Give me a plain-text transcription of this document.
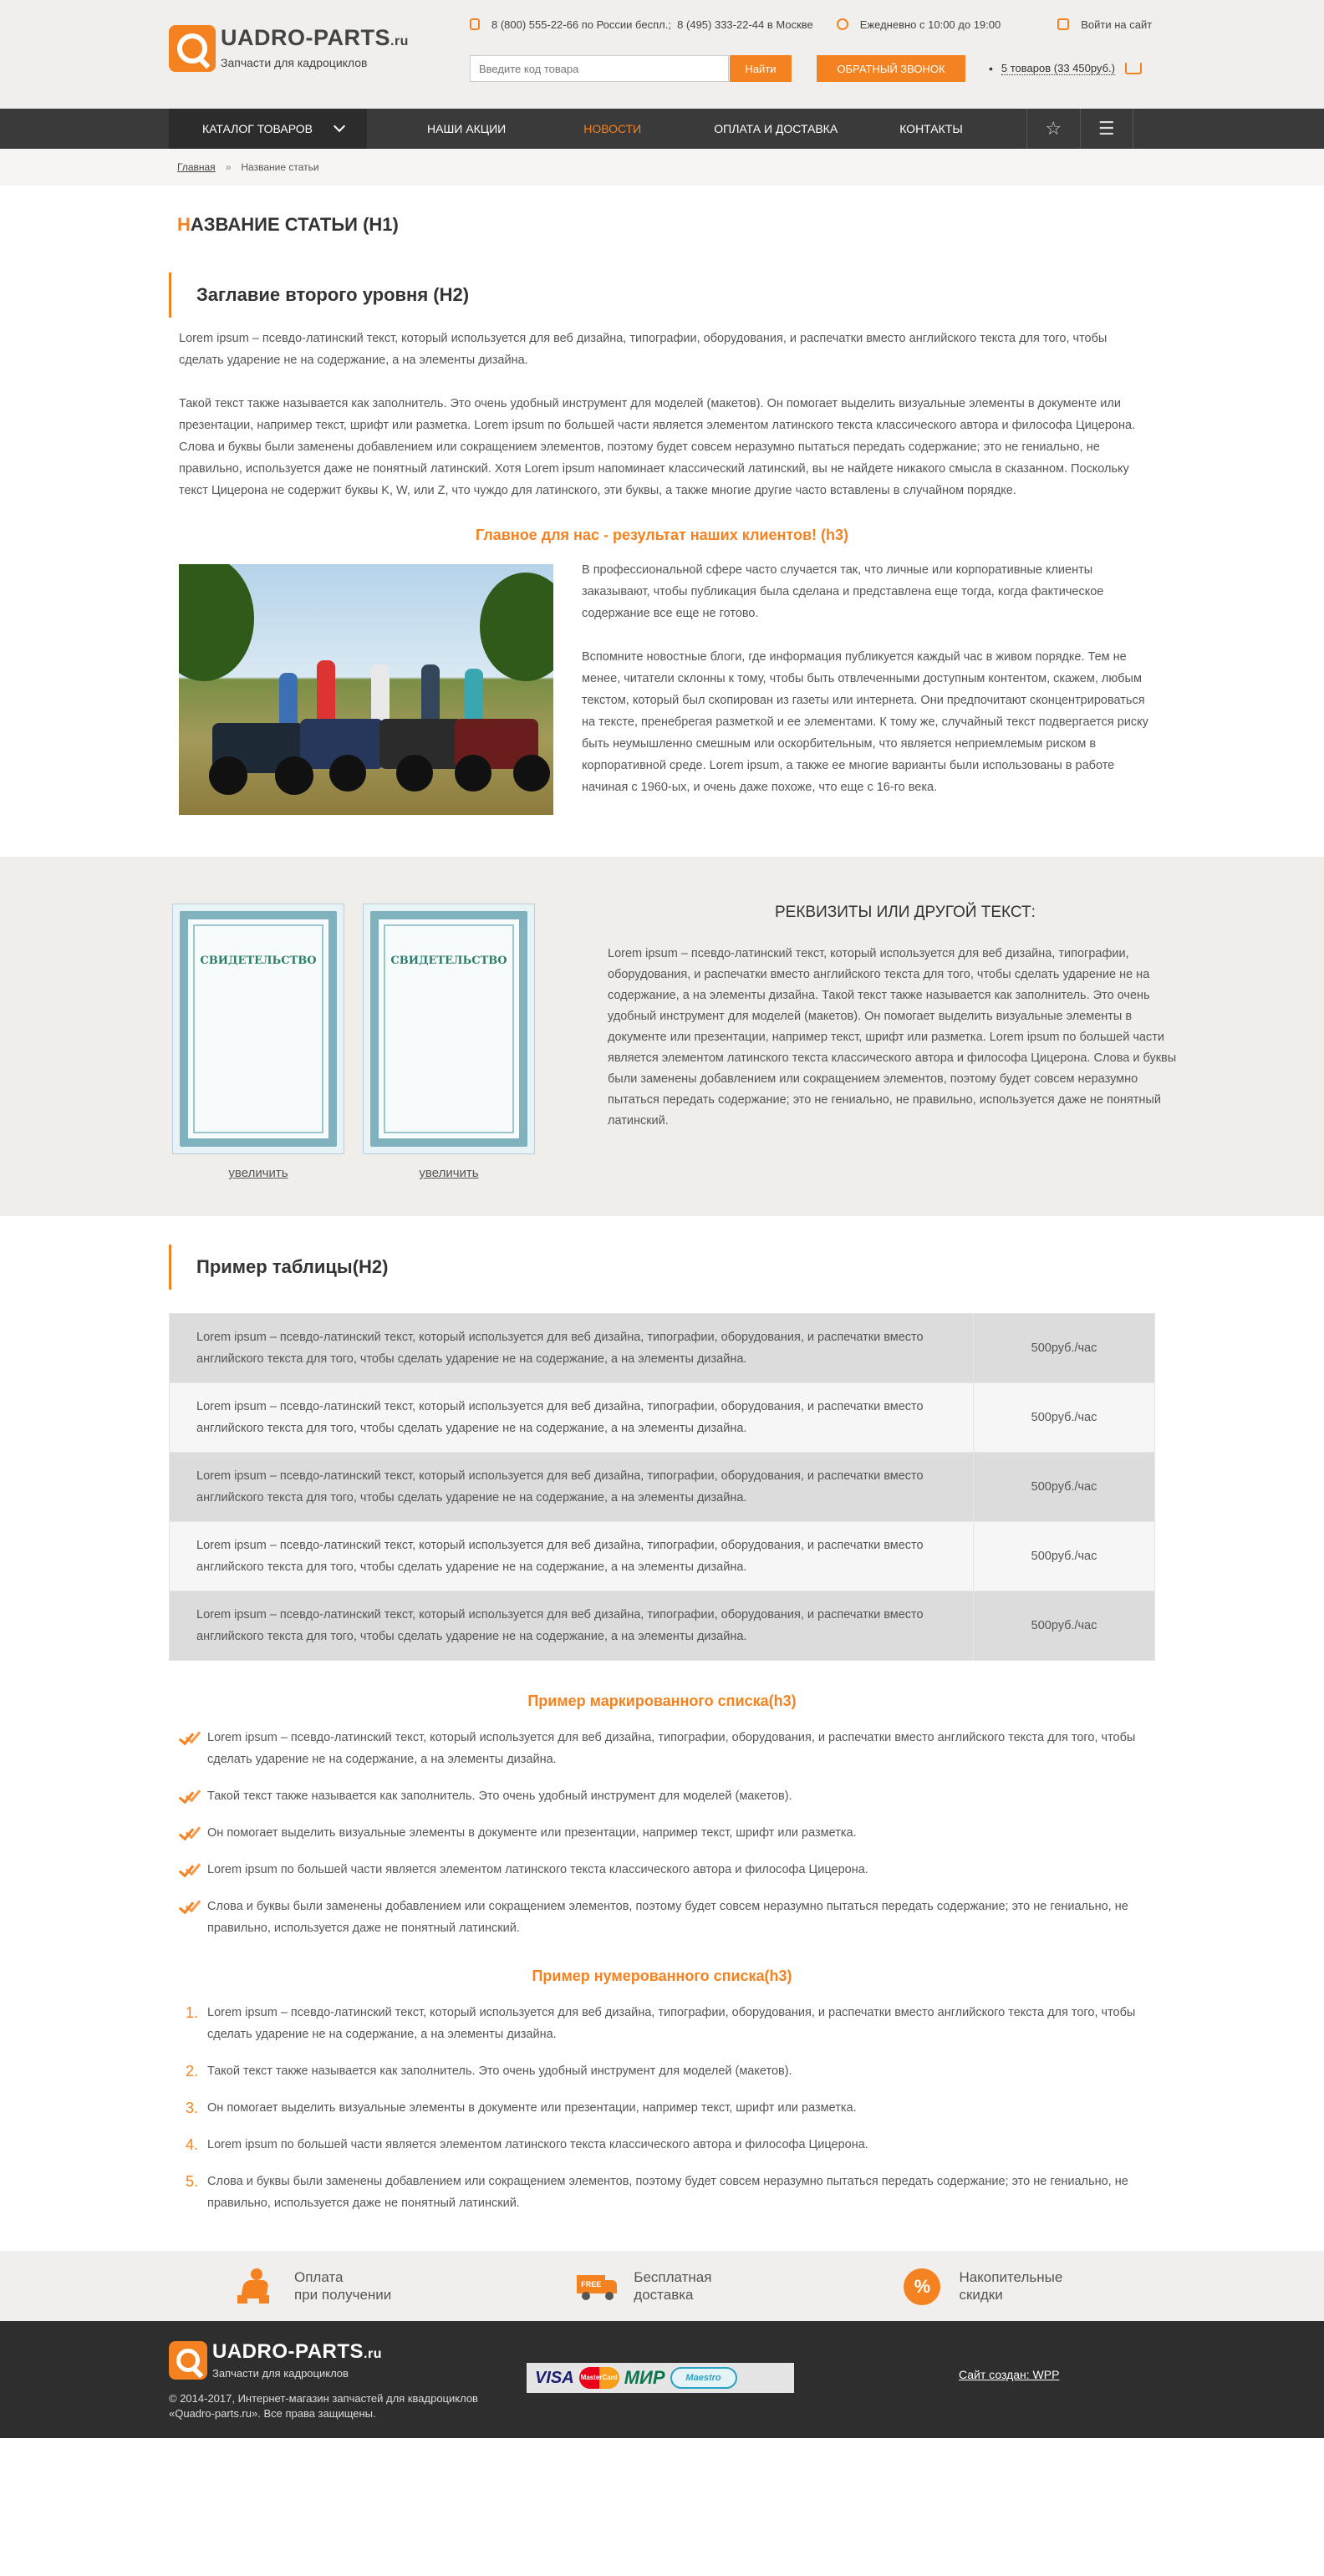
UADRO-PARTS.ru
Запчасти для кадроциклов
8 (800) 555-22-66
по России беспл.;
8 (495) 333-22-44
в Москве	Ежедневно с 10:00 до 19:00	Войти на сайт
Введите код товара
Найти	ОБРАТНЫЙ ЗВОНОК	• 5 товаров (33 450руб.)
КАТАЛОГ ТОВАРОВ	НАШИ АКЦИИ	НОВОСТИ	ОПЛАТА И ДОСТАВКА	КОНТАКТЫ	☆	☰
Главная » Название статьи
НАЗВАНИЕ СТАТЬИ (H1)
Заглавие второго уровня (H2)

Lorem ipsum – псевдо-латинский текст, который используется для веб дизайна, типографии, оборудования, и распечатки вместо английского текста для того, чтобы сделать ударение не на содержание, а на элементы дизайна.

Такой текст также называется как заполнитель. Это очень удобный инструмент для моделей (макетов). Он помогает выделить визуальные элементы в документе или презентации, например текст, шрифт или разметка. Lorem ipsum по большей части является элементом латинского текста классического автора и философа Цицерона. Слова и буквы были заменены добавлением или сокращением элементов, поэтому будет совсем неразумно пытаться передать содержание; это не гениально, не правильно, используется даже не понятный латинский. Хотя Lorem ipsum напоминает классический латинский, вы не найдете никакого смысла в сказанном. Поскольку текст Цицерона не содержит буквы K, W, или Z, что чуждо для латинского, эти буквы, а также многие другие часто вставлены в случайном порядке.

Главное для нас - результат наших клиентов! (h3)

В профессиональной сфере часто случается так, что личные или корпоративные клиенты заказывают, чтобы публикация была сделана и представлена еще тогда, когда фактическое содержание все еще не готово.

Вспомните новостные блоги, где информация публикуется каждый час в живом порядке. Тем не менее, читатели склонны к тому, чтобы быть отвлеченными доступным контентом, скажем, любым текстом, который был скопирован из газеты или интернета. Они предпочитают сконцентрироваться на тексте, пренебрегая разметкой и ее элементами. К тому же, случайный текст подвергается риску быть неумышленно смешным или оскорбительным, что является неприемлемым риском в корпоративной среде. Lorem ipsum, а также ее многие варианты были использованы в работе начиная с 1960-ых, и очень даже похоже, что еще с 16-го века.

СВИДЕТЕЛЬСТВО
увеличить
СВИДЕТЕЛЬСТВО
увеличить
РЕКВИЗИТЫ ИЛИ ДРУГОЙ ТЕКСТ:
Lorem ipsum – псевдо-латинский текст, который используется для веб дизайна, типографии, оборудования, и распечатки вместо английского текста для того, чтобы сделать ударение не на содержание, а на элементы дизайна. Такой текст также называется как заполнитель. Это очень удобный инструмент для моделей (макетов). Он помогает выделить визуальные элементы в документе или презентации, например текст, шрифт или разметка. Lorem ipsum по большей части является элементом латинского текста классического автора и философа Цицерона. Слова и буквы были заменены добавлением или сокращением элементов, поэтому будет совсем неразумно пытаться передать содержание; это не гениально, не правильно, используется даже не понятный латинский.
Пример таблицы(H2)
Lorem ipsum – псевдо-латинский текст, который используется для веб дизайна, типографии, оборудования, и распечатки вместо английского текста для того, чтобы сделать ударение не на содержание, а на элементы дизайна.	500руб./час
Lorem ipsum – псевдо-латинский текст, который используется для веб дизайна, типографии, оборудования, и распечатки вместо английского текста для того, чтобы сделать ударение не на содержание, а на элементы дизайна.	500руб./час
Lorem ipsum – псевдо-латинский текст, который используется для веб дизайна, типографии, оборудования, и распечатки вместо английского текста для того, чтобы сделать ударение не на содержание, а на элементы дизайна.	500руб./час
Lorem ipsum – псевдо-латинский текст, который используется для веб дизайна, типографии, оборудования, и распечатки вместо английского текста для того, чтобы сделать ударение не на содержание, а на элементы дизайна.	500руб./час
Lorem ipsum – псевдо-латинский текст, который используется для веб дизайна, типографии, оборудования, и распечатки вместо английского текста для того, чтобы сделать ударение не на содержание, а на элементы дизайна.	500руб./час
Пример маркированного списка(h3)
Lorem ipsum – псевдо-латинский текст, который используется для веб дизайна, типографии, оборудования, и распечатки вместо английского текста для того, чтобы сделать ударение не на содержание, а на элементы дизайна.
Такой текст также называется как заполнитель. Это очень удобный инструмент для моделей (макетов).
Он помогает выделить визуальные элементы в документе или презентации, например текст, шрифт или разметка.
Lorem ipsum по большей части является элементом латинского текста классического автора и философа Цицерона.
Слова и буквы были заменены добавлением или сокращением элементов, поэтому будет совсем неразумно пытаться передать содержание; это не гениально, не правильно, используется даже не понятный латинский.
Пример нумерованного списка(h3)
1. Lorem ipsum – псевдо-латинский текст, который используется для веб дизайна, типографии, оборудования, и распечатки вместо английского текста для того, чтобы сделать ударение не на содержание, а на элементы дизайна.
2. Такой текст также называется как заполнитель. Это очень удобный инструмент для моделей (макетов).
3. Он помогает выделить визуальные элементы в документе или презентации, например текст, шрифт или разметка.
4. Lorem ipsum по большей части является элементом латинского текста классического автора и философа Цицерона.
5. Слова и буквы были заменены добавлением или сокращением элементов, поэтому будет совсем неразумно пытаться передать содержание; это не гениально, не правильно, используется даже не понятный латинский.
Оплата
при получении
FREE Бесплатная
доставка	%	Накопительные
скидки
UADRO-PARTS.ru
Запчасти для кадроциклов
© 2014-2017, Интернет-магазин запчастей для квадроциклов «Quadro-parts.ru». Все права защищены.
VISA MasterCard МИР	Maestro	Сайт создан: WPP
